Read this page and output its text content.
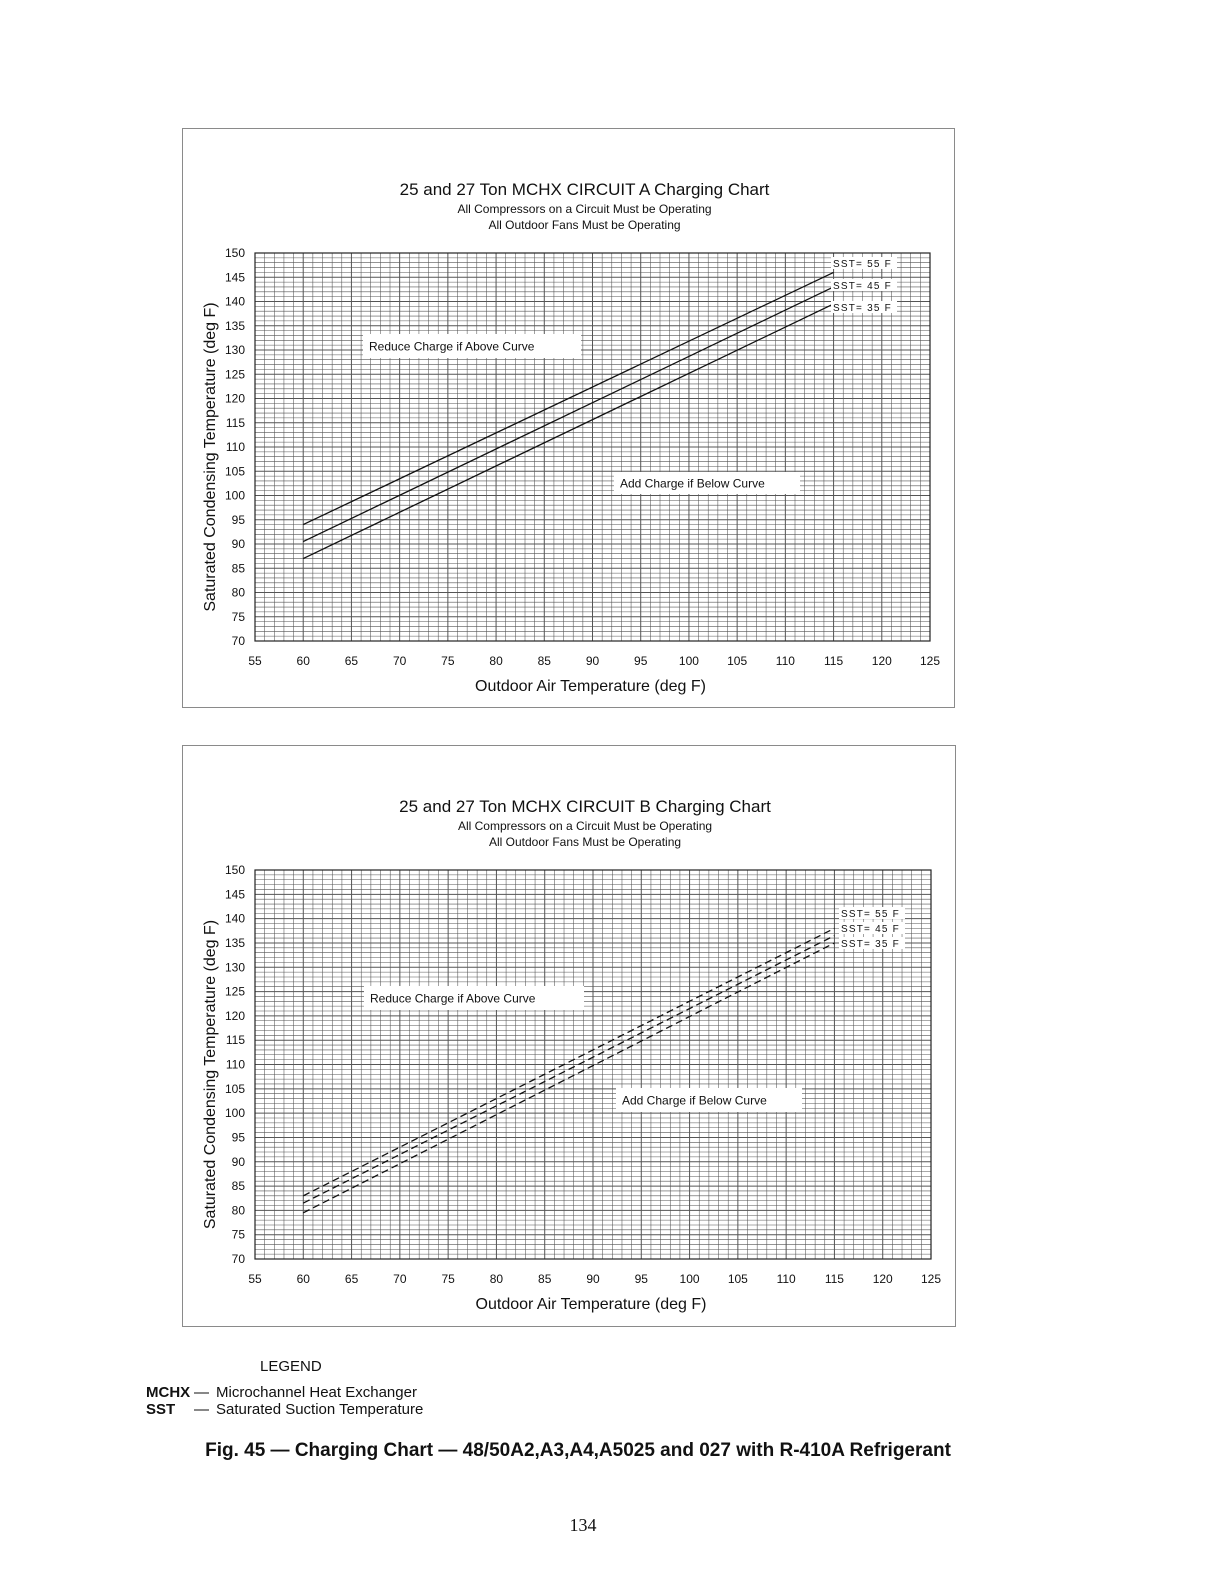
25 and 27 Ton MCHX CIRCUIT A Charging Chart
All Compressors on a Circuit Must be Operating
All Outdoor Fans Must be Operating
55	60	65	70	75	80	85	90	95	100 105 110 115 120 125
70
75
80
85
90
95
100
105
110
115
120
125
130
135
140
145
150
Outdoor Air Temperature (deg F)
Saturated Condensing Temperature (deg F)	Reduce Charge if Above Curve
Add Charge if Below Curve
SST= 55 F
SST= 45 F
SST= 35 F
25 and 27 Ton MCHX CIRCUIT B Charging Chart
All Compressors on a Circuit Must be Operating
All Outdoor Fans Must be Operating
55	60	65	70	75	80	85	90	95	100 105 110 115 120 125
70
75
80
85
90
95
100
105
110
115
120
125
130
135
140
145
150
Outdoor Air Temperature (deg F)
Saturated Condensing Temperature (deg F)	Reduce Charge if Above Curve
Add Charge if Below Curve
SST= 55 F
SST= 45 F
SST= 35 F
LEGEND
MCHX — Microchannel Heat Exchanger
SST — Saturated Suction Temperature
Fig. 45 — Charging Chart — 48/50A2,A3,A4,A5025 and 027 with R-410A Refrigerant
134
